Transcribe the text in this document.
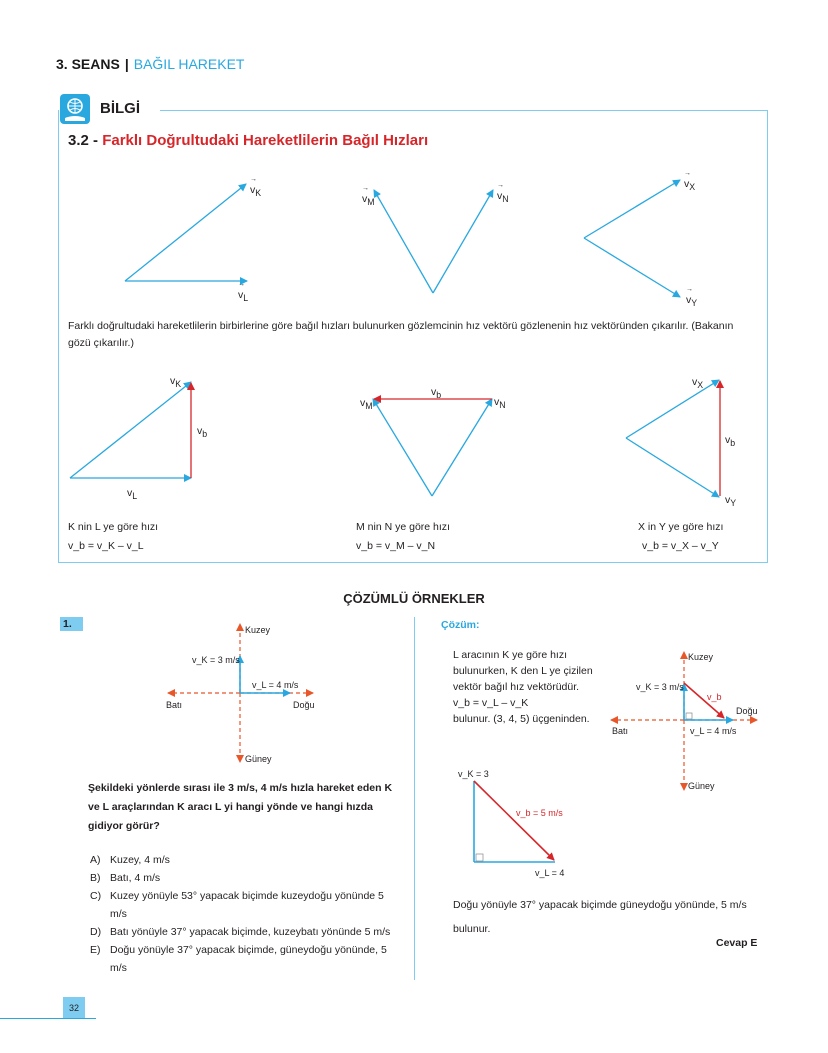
3. SEANS | BAĞIL HAREKET
BİLGİ
3.2 - Farklı Doğrultudaki Hareketlilerin Bağıl Hızları
→ $v_K$
→ $v_L$
→ $v_M$
→ $v_N$
→ $v_X$
→ $v_Y$
Farklı doğrultudaki hareketlilerin birbirlerine göre bağıl hızları bulunurken gözlemcinin hız vektörü gözlenenin hız vektöründen çıkarılır. (Bakanın gözü çıkarılır.)
$v_K$
$v_b$
$v_L$
$v_M$
$v_b$
$v_N$
$v_X$
$v_b$
$v_Y$
K nin L ye göre hızı
v_b = v_K – v_L
M nin N ye göre hızı
v_b = v_M – v_N
X in Y ye göre hızı
v_b = v_X – v_Y
ÇÖZÜMLÜ ÖRNEKLER
1.	Kuzey
Güney
Batı	Doğu
v_K = 3 m/s
v_L = 4 m/s
Şekildeki yönlerde sırası ile 3 m/s, 4 m/s hızla hareket eden K ve L araçlarından K aracı L yi hangi yönde ve hangi hızda gidiyor görür?
A) Kuzey, 4 m/s
B) Batı, 4 m/s
C) Kuzey yönüyle 53° yapacak biçimde kuzeydoğu yönünde 5 m/s
D) Batı yönüyle 37° yapacak biçimde, kuzeybatı yönünde 5 m/s
E) Doğu yönüyle 37° yapacak biçimde, güneydoğu yönünde, 5 m/s
Çözüm:
L aracının K ye göre hızı bulunurken, K den L ye çizilen vektör bağıl hız vektörüdür.
v_b = v_L – v_K
bulunur. (3, 4, 5) üçgeninden.
Kuzey
Güney
Batı
Doğu
v_K = 3 m/s
v_L = 4 m/s
v_b
v_K = 3
v_L = 4
v_b = 5 m/s
Doğu yönüyle 37° yapacak biçimde güneydoğu yönünde, 5 m/s bulunur.
Cevap E
32
